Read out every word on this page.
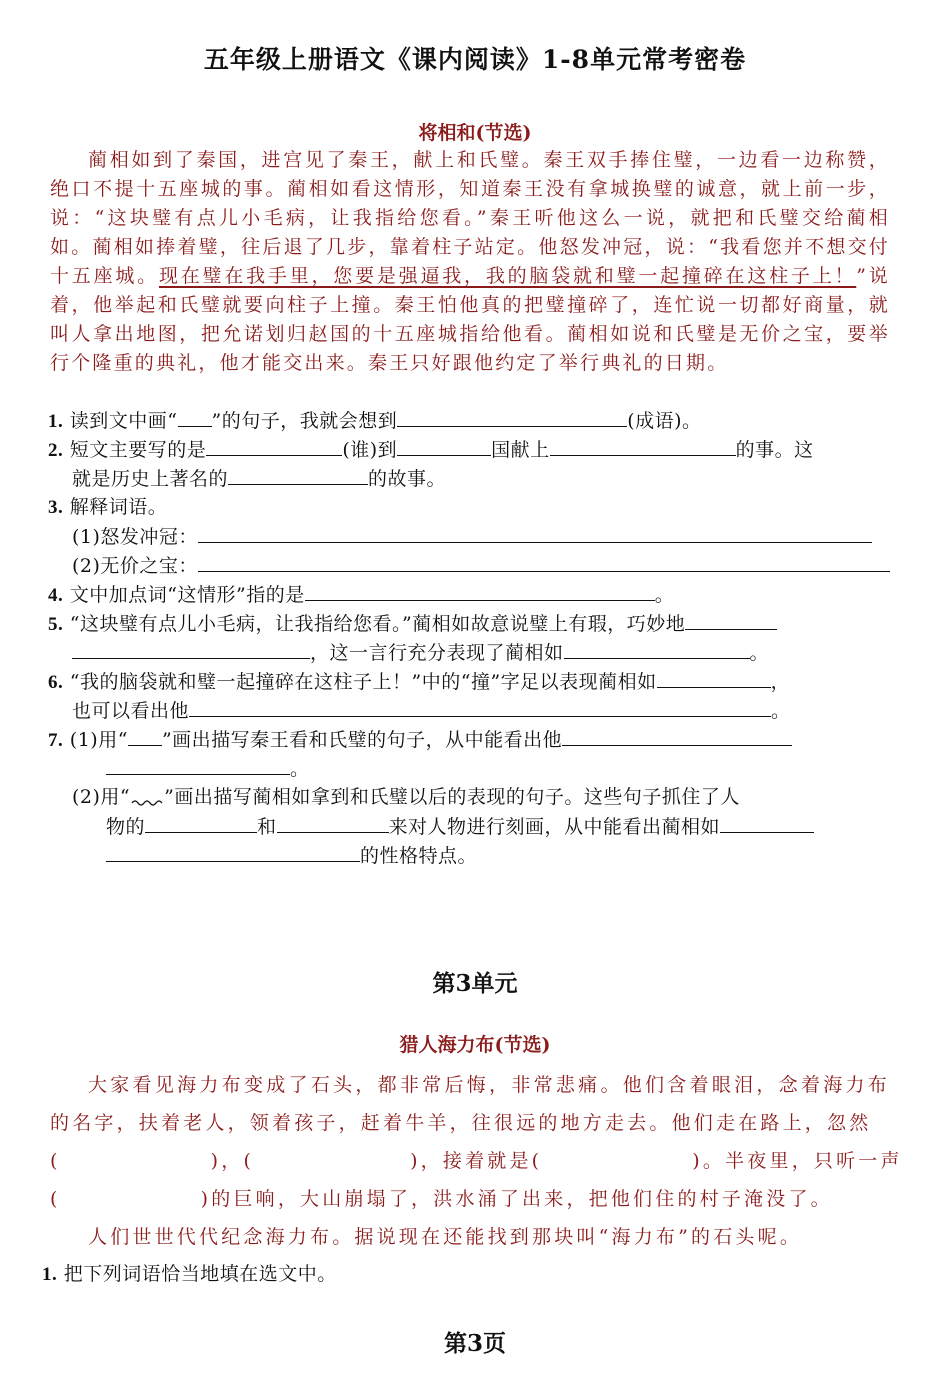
五年级上册语文《课内阅读》1-8单元常考密卷
将相和(节选)

蔺相如到了秦国，进宫见了秦王，献上和氏璧。秦王双手捧住璧，一边看一边称赞，绝口不提十五座城的事。蔺相如看这情形，知道秦王没有拿城换璧的诚意，就上前一步，说：“这块璧有点儿小毛病，让我指给您看。”秦王听他这么一说，就把和氏璧交给蔺相如。蔺相如捧着璧，往后退了几步，靠着柱子站定。他怒发冲冠，说：“我看您并不想交付十五座城。现在璧在我手里，您要是强逼我，我的脑袋就和璧一起撞碎在这柱子上！”说着，他举起和氏璧就要向柱子上撞。秦王怕他真的把璧撞碎了，连忙说一切都好商量，就叫人拿出地图，把允诺划归赵国的十五座城指给他看。蔺相如说和氏璧是无价之宝，要举行个隆重的典礼，他才能交出来。秦王只好跟他约定了举行典礼的日期。

1. 读到文中画“ ”的句子，我就会想到	(成语)。
2. 短文主要写的是	(谁)到	国献上	的事。这
就是历史上著名的	的故事。
3. 解释词语。
(1)怒发冲冠：
(2)无价之宝：
4. 文中加点词“这情形”指的是	。
5. “这块璧有点儿小毛病，让我指给您看。”蔺相如故意说璧上有瑕，巧妙地
，这一言行充分表现了蔺相如	。
6. “我的脑袋就和璧一起撞碎在这柱子上！”中的“撞”字足以表现蔺相如	，
也可以看出他	。
7. (1)用“ ”画出描写秦王看和氏璧的句子，从中能看出他
。
(2)用“ ”画出描写蔺相如拿到和氏璧以后的表现的句子。这些句子抓住了人
物的	和	来对人物进行刻画，从中能看出蔺相如
的性格特点。
第3单元
猎人海力布(节选)

大家看见海力布变成了石头，都非常后悔，非常悲痛。他们含着眼泪，念着海力布的名字，扶着老人，领着孩子，赶着牛羊，往很远的地方走去。他们走在路上，忽然

(	)，(	)，接着就是(	)。半夜里，只听一声

(	)的巨响，大山崩塌了，洪水涌了出来，把他们住的村子淹没了。

人们世世代代纪念海力布。据说现在还能找到那块叫“海力布”的石头呢。

1. 把下列词语恰当地填在选文中。
第3页
